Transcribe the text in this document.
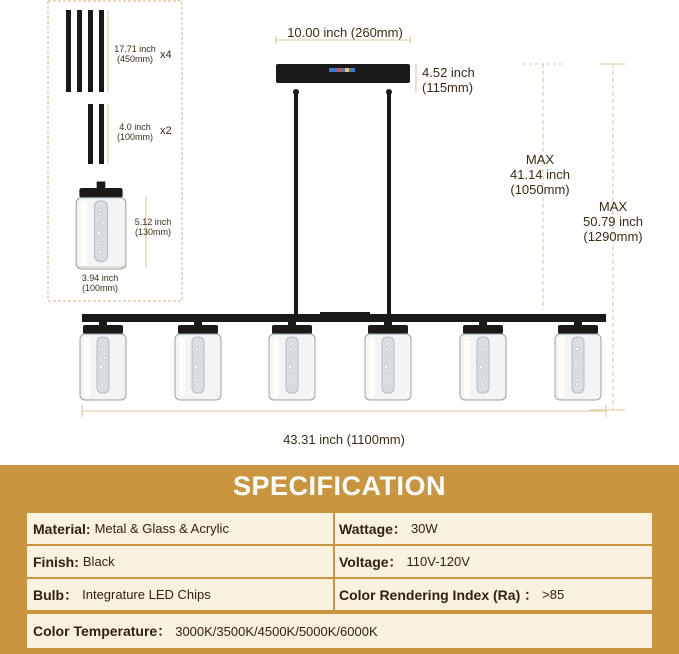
17.71 inch
(450mm) x4
4.0 inch
(100mm)
x2
5.12 inch
(130mm)
3.94 inch
(100mm)
10.00 inch (260mm)
4.52 inch
(115mm)
MAX
41.14 inch
(1050mm)
MAX
50.79 inch
(1290mm)
43.31 inch (1100mm)
SPECIFICATION
Material: Metal & Glass & Acrylic	Wattage： 30W
Finish: Black	Voltage： 110V-120V
Bulb： Integrature LED Chips	Color Rendering Index (Ra) ： >85
Color Temperature： 3000K/3500K/4500K/5000K/6000K
